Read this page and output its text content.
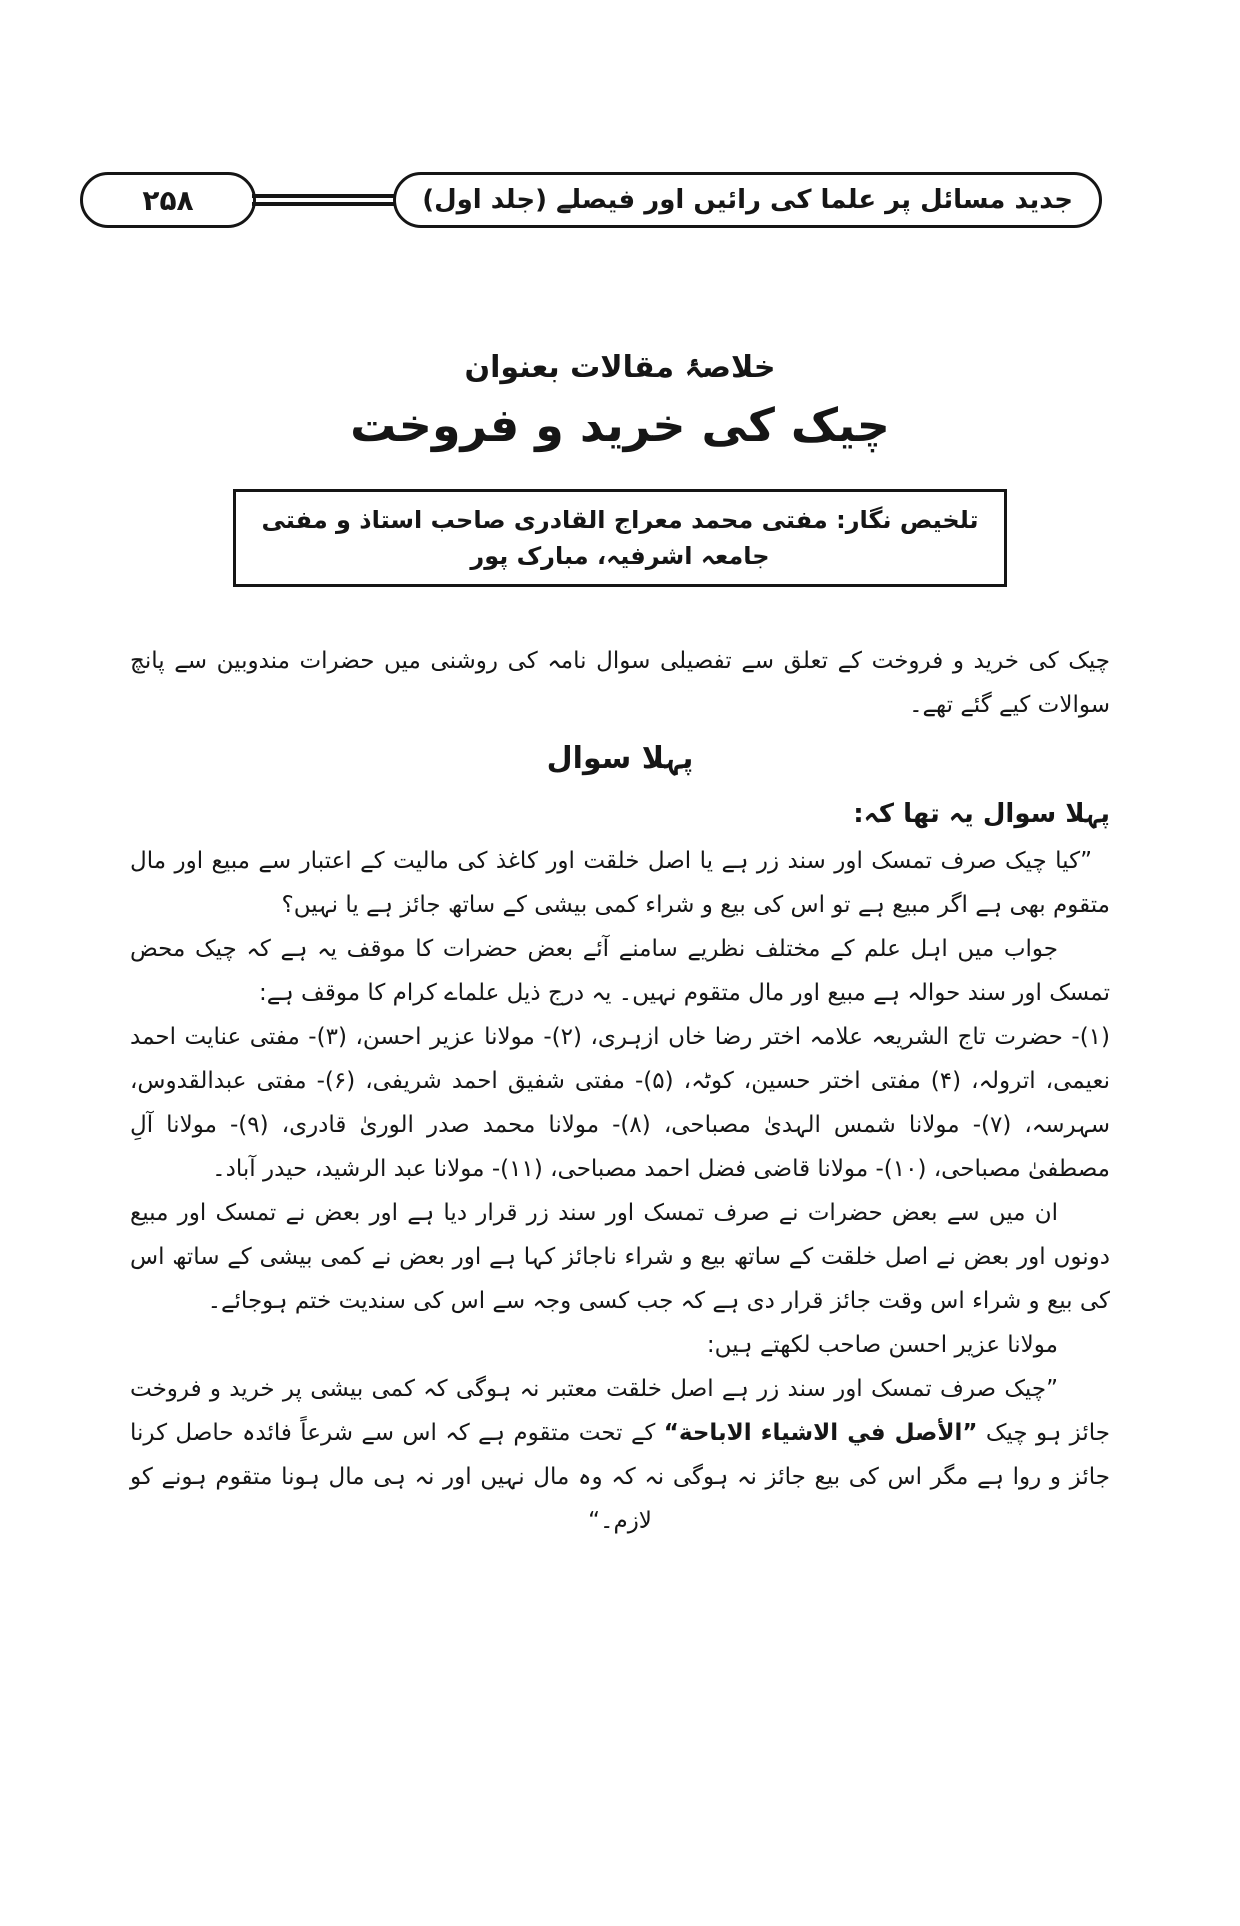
۲۵۸	جدید مسائل پر علما کی رائیں اور فیصلے (جلد اول)
خلاصۂ مقالات بعنوان
چیک کی خرید و فروخت
تلخیص نگار: مفتی محمد معراج القادری صاحب استاذ و مفتی جامعہ اشرفیہ، مبارک پور

چیک کی خرید و فروخت کے تعلق سے تفصیلی سوال نامہ کی روشنی میں حضرات مندوبین سے پانچ سوالات کیے گئے تھے۔

پہلا سوال
پہلا سوال یہ تھا کہ:

”کیا چیک صرف تمسک اور سند زر ہے یا اصل خلقت اور کاغذ کی مالیت کے اعتبار سے مبیع اور مال متقوم بھی ہے اگر مبیع ہے تو اس کی بیع و شراء کمی بیشی کے ساتھ جائز ہے یا نہیں؟

جواب میں اہل علم کے مختلف نظریے سامنے آئے بعض حضرات کا موقف یہ ہے کہ چیک محض تمسک اور سند حوالہ ہے مبیع اور مال متقوم نہیں۔ یہ درج ذیل علماے کرام کا موقف ہے:

(۱)- حضرت تاج الشریعہ علامہ اختر رضا خاں ازہری، (۲)- مولانا عزیر احسن، (۳)- مفتی عنایت احمد نعیمی، اترولہ، (۴) مفتی اختر حسین، کوٹہ، (۵)- مفتی شفیق احمد شریفی، (۶)- مفتی عبدالقدوس، سہرسہ، (۷)- مولانا شمس الہدیٰ مصباحی، (۸)- مولانا محمد صدر الوریٰ قادری، (۹)- مولانا آلِ مصطفیٰ مصباحی، (۱۰)- مولانا قاضی فضل احمد مصباحی، (۱۱)- مولانا عبد الرشید، حیدر آباد۔

ان میں سے بعض حضرات نے صرف تمسک اور سند زر قرار دیا ہے اور بعض نے تمسک اور مبیع دونوں اور بعض نے اصل خلقت کے ساتھ بیع و شراء ناجائز کہا ہے اور بعض نے کمی بیشی کے ساتھ اس کی بیع و شراء اس وقت جائز قرار دی ہے کہ جب کسی وجہ سے اس کی سندیت ختم ہوجائے۔

مولانا عزیر احسن صاحب لکھتے ہیں:

”چیک صرف تمسک اور سند زر ہے اصل خلقت معتبر نہ ہوگی کہ کمی بیشی پر خرید و فروخت جائز ہو چیک ”الأصل في الاشياء الاباحة“ کے تحت متقوم ہے کہ اس سے شرعاً فائدہ حاصل کرنا جائز و روا ہے مگر اس کی بیع جائز نہ ہوگی نہ کہ وہ مال نہیں اور نہ ہی مال ہونا متقوم ہونے کو لازم۔“
